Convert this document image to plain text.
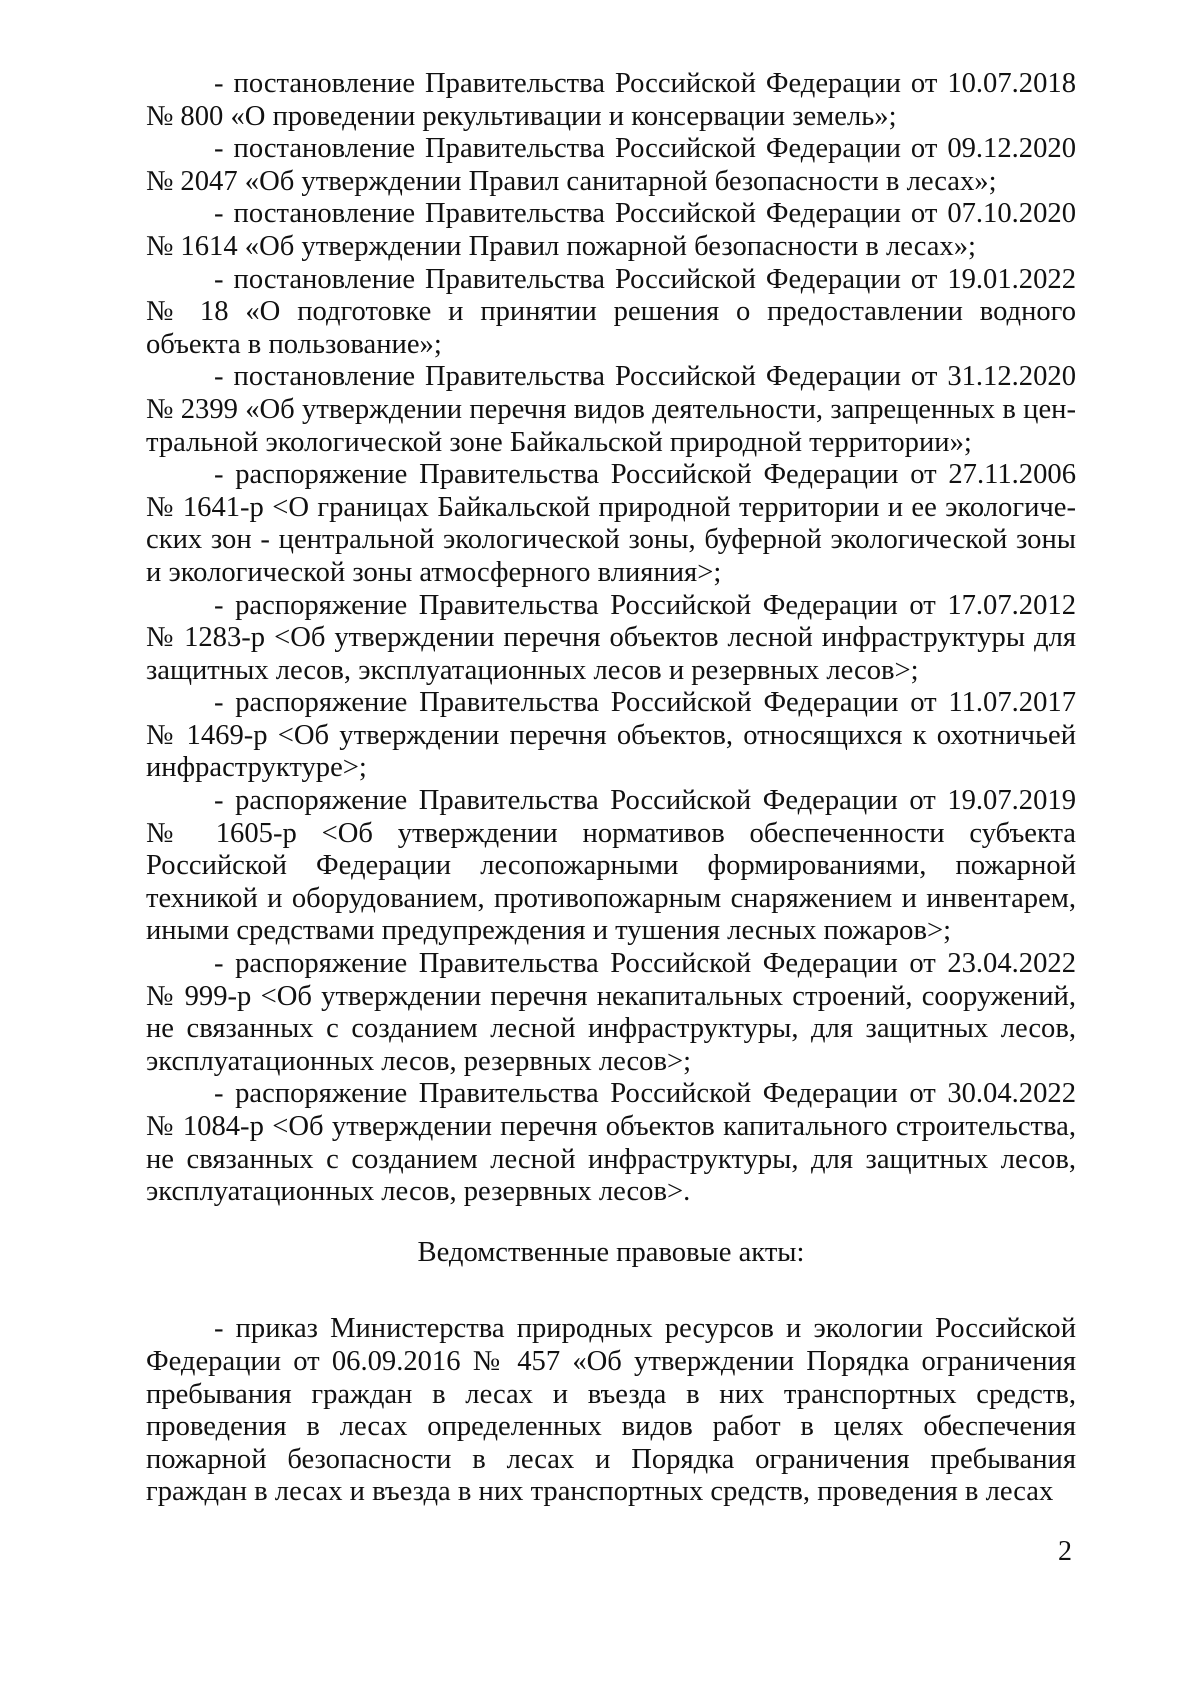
- постановление Правительства Российской Федерации от 10.07.2018 № 800 «О проведении рекультивации и консервации земель»;

- постановление Правительства Российской Федерации от 09.12.2020 № 2047 «Об утверждении Правил санитарной безопасности в лесах»;

- постановление Правительства Российской Федерации от 07.10.2020 № 1614 «Об утверждении Правил пожарной безопасности в лесах»;

- постановление Правительства Российской Федерации от 19.01.2022 № 18 «О подготовке и принятии решения о предоставлении водного объекта в пользование»;

- постановление Правительства Российской Федерации от 31.12.2020 № 2399 «Об утверждении перечня видов деятельности, запрещенных в центральной экологической зоне Байкальской природной территории»;

- распоряжение Правительства Российской Федерации от 27.11.2006 № 1641-р <О границах Байкальской природной территории и ее экологических зон - центральной экологической зоны, буферной экологической зоны и экологической зоны атмосферного влияния>;

- распоряжение Правительства Российской Федерации от 17.07.2012 № 1283-р <Об утверждении перечня объектов лесной инфраструктуры для защитных лесов, эксплуатационных лесов и резервных лесов>;

- распоряжение Правительства Российской Федерации от 11.07.2017 № 1469-р <Об утверждении перечня объектов, относящихся к охотничьей инфраструктуре>;

- распоряжение Правительства Российской Федерации от 19.07.2019 № 1605-р <Об утверждении нормативов обеспеченности субъекта Российской Федерации лесопожарными формированиями, пожарной техникой и оборудованием, противопожарным снаряжением и инвентарем, иными средствами предупреждения и тушения лесных пожаров>;

- распоряжение Правительства Российской Федерации от 23.04.2022 № 999-р <Об утверждении перечня некапитальных строений, сооружений, не связанных с созданием лесной инфраструктуры, для защитных лесов, эксплуатационных лесов, резервных лесов>;

- распоряжение Правительства Российской Федерации от 30.04.2022 № 1084-р <Об утверждении перечня объектов капитального строительства, не связанных с созданием лесной инфраструктуры, для защитных лесов, эксплуатационных лесов, резервных лесов>.

Ведомственные правовые акты:

- приказ Министерства природных ресурсов и экологии Российской Федерации от 06.09.2016 № 457 «Об утверждении Порядка ограничения пребывания граждан в лесах и въезда в них транспортных средств, проведения в лесах определенных видов работ в целях обеспечения пожарной безопасности в лесах и Порядка ограничения пребывания граждан в лесах и въезда в них транспортных средств, проведения в лесах

2
